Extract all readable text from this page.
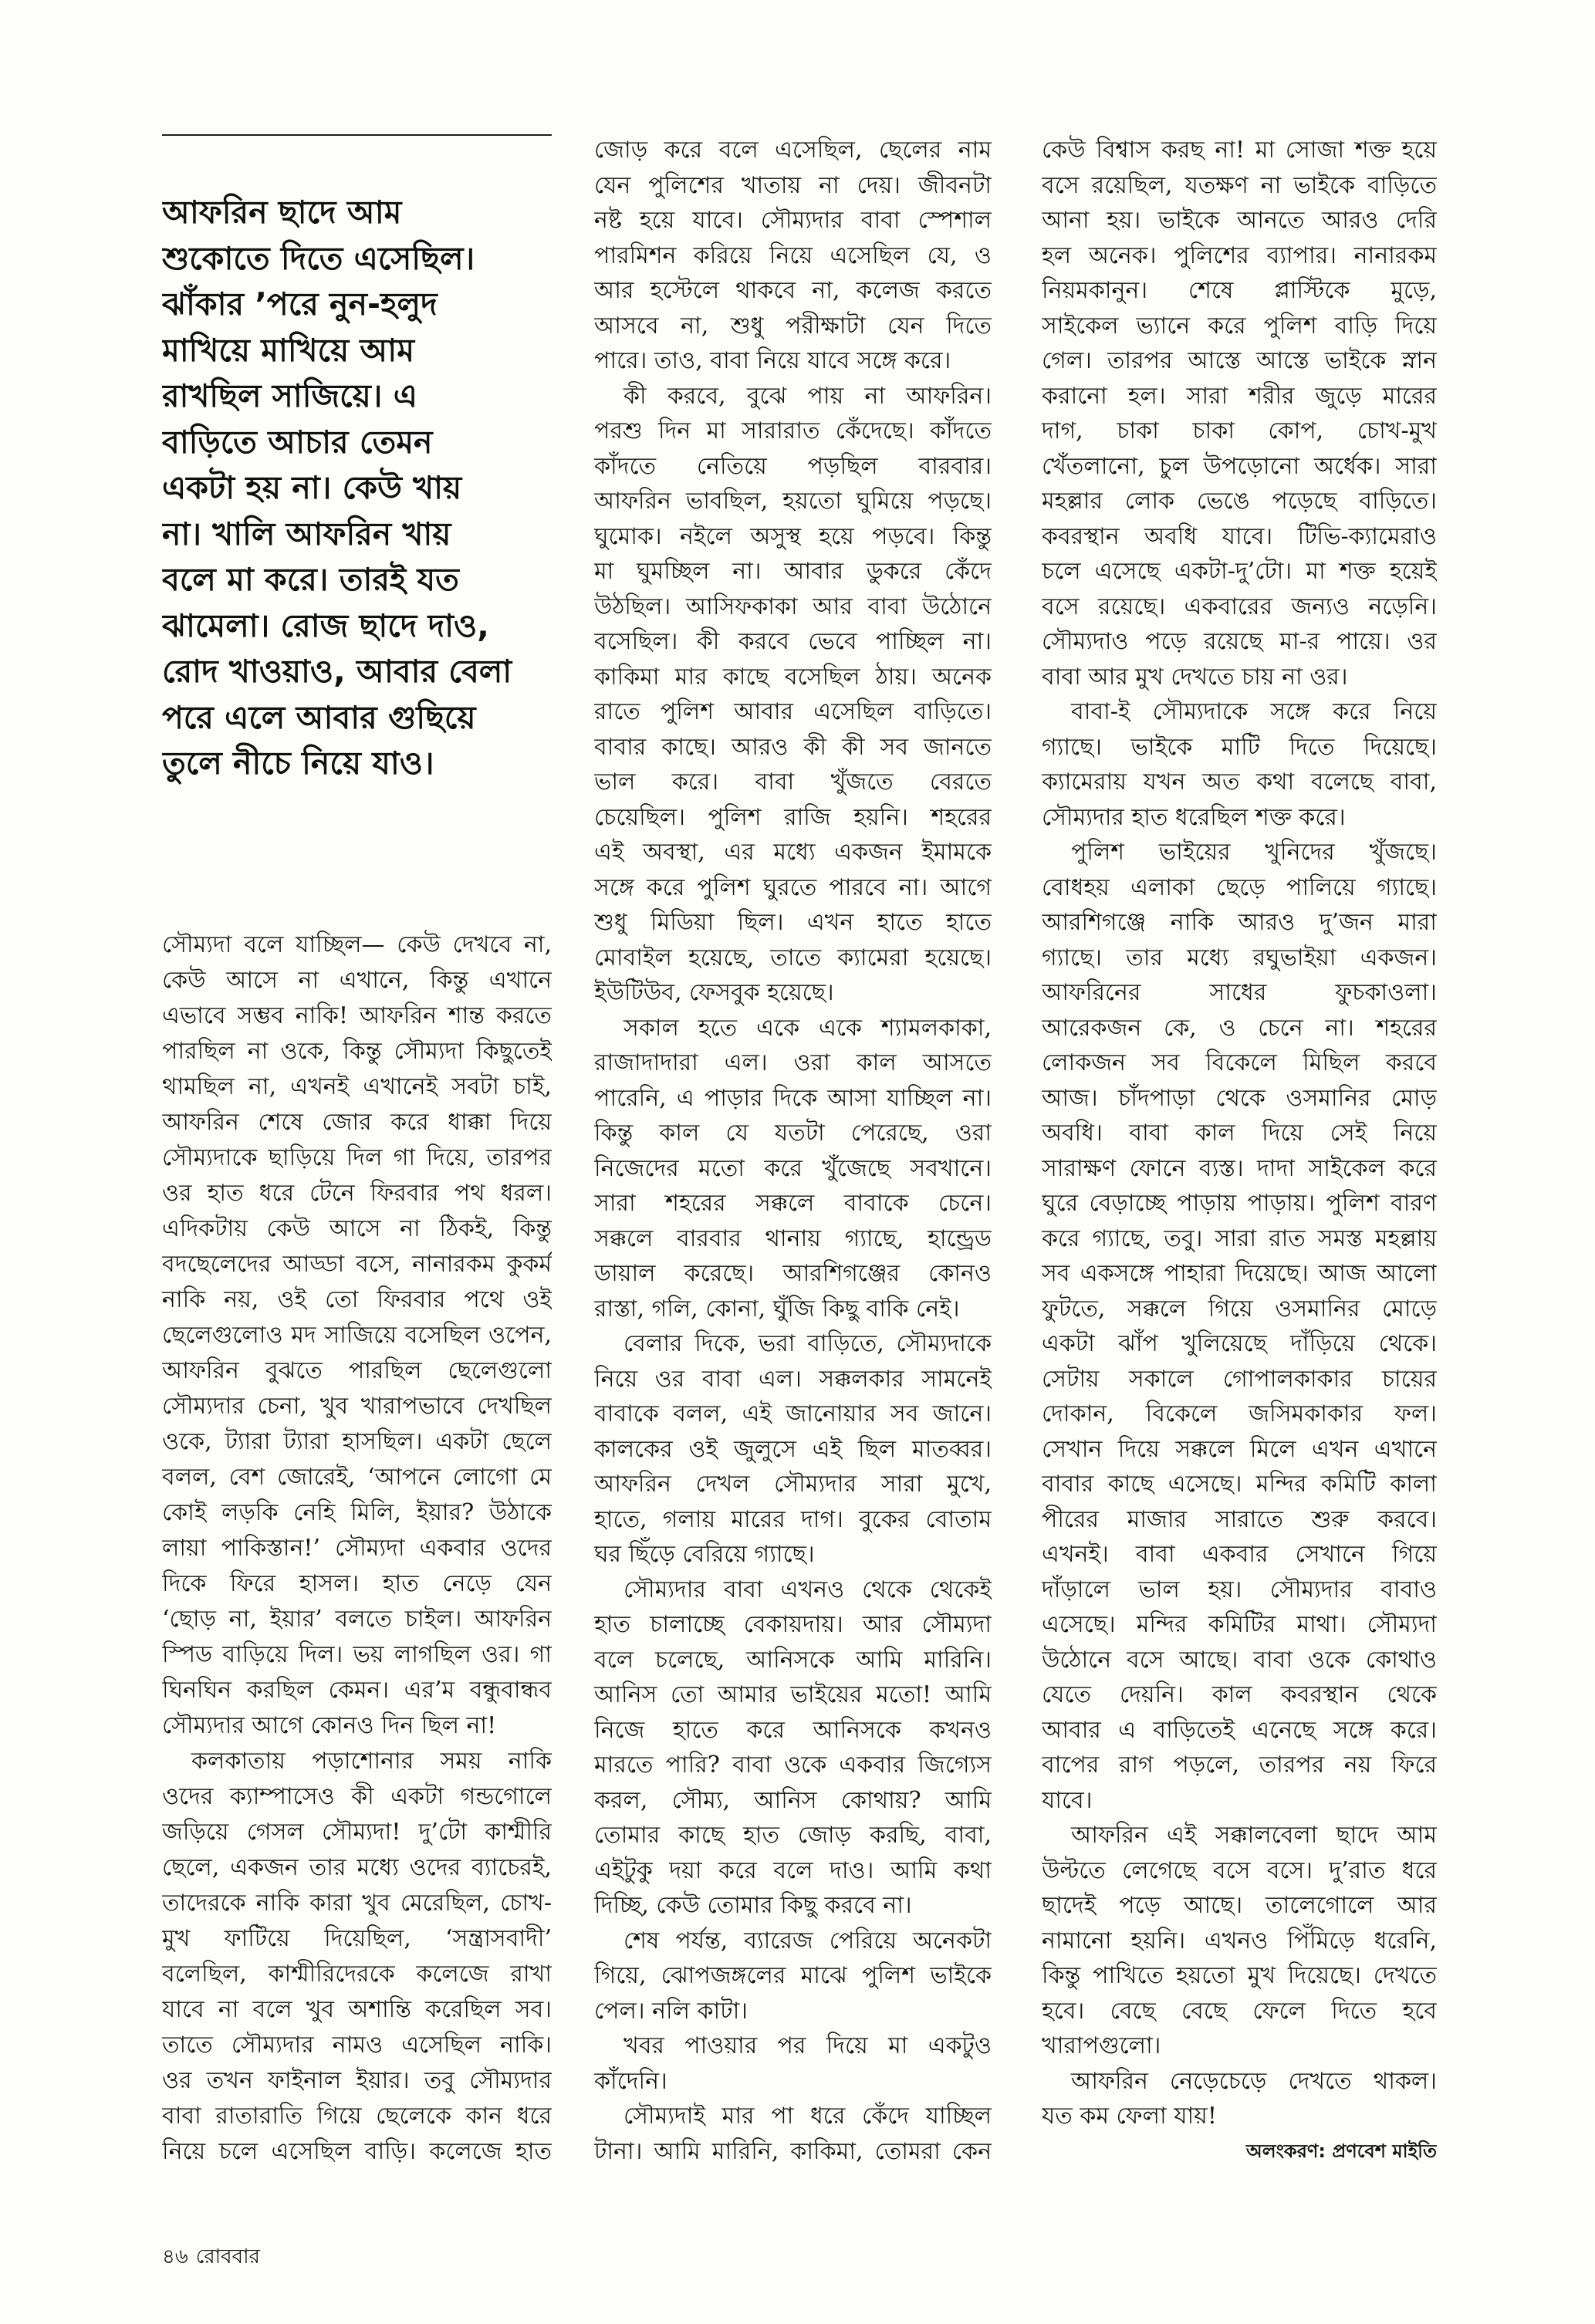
আফরিন ছাদে আম
শুকোতে দিতে এসেছিল।
ঝাঁকার ’পরে নুন-হলুদ
মাখিয়ে মাখিয়ে আম
রাখছিল সাজিয়ে। এ
বাড়িতে আচার তেমন
একটা হয় না। কেউ খায়
না। খালি আফরিন খায়
বলে মা করে। তারই যত
ঝামেলা। রোজ ছাদে দাও,
রোদ খাওয়াও, আবার বেলা
পরে এলে আবার গুছিয়ে
তুলে নীচে নিয়ে যাও।
সৌম্যদা বলে যাচ্ছিল— কেউ দেখবে না,
কেউ আসে না এখানে, কিন্তু এখানে
এভাবে সম্ভব নাকি! আফরিন শান্ত করতে
পারছিল না ওকে, কিন্তু সৌম্যদা কিছুতেই
থামছিল না, এখনই এখানেই সবটা চাই,
আফরিন শেষে জোর করে ধাক্কা দিয়ে
সৌম্যদাকে ছাড়িয়ে দিল গা দিয়ে, তারপর
ওর হাত ধরে টেনে ফিরবার পথ ধরল।
এদিকটায় কেউ আসে না ঠিকই, কিন্তু
বদছেলেদের আড্ডা বসে, নানারকম কুকর্ম
নাকি নয়, ওই তো ফিরবার পথে ওই
ছেলেগুলোও মদ সাজিয়ে বসেছিল ওপেন,
আফরিন বুঝতে পারছিল ছেলেগুলো
সৌম্যদার চেনা, খুব খারাপভাবে দেখছিল
ওকে, ট্যারা ট্যারা হাসছিল। একটা ছেলে
বলল, বেশ জোরেই, ‘আপনে লোগো মে
কোই লড়কি নেহি মিলি, ইয়ার? উঠাকে
লায়া পাকিস্তান!’ সৌম্যদা একবার ওদের
দিকে ফিরে হাসল। হাত নেড়ে যেন
‘ছোড় না, ইয়ার’ বলতে চাইল। আফরিন
স্পিড বাড়িয়ে দিল। ভয় লাগছিল ওর। গা
ঘিনঘিন করছিল কেমন। এর’ম বন্ধুবান্ধব
সৌম্যদার আগে কোনও দিন ছিল না!
কলকাতায় পড়াশোনার সময় নাকি
ওদের ক্যাম্পাসেও কী একটা গন্ডগোলে
জড়িয়ে গেসল সৌম্যদা! দু’টো কাশ্মীরি
ছেলে, একজন তার মধ্যে ওদের ব্যাচেরই,
তাদেরকে নাকি কারা খুব মেরেছিল, চোখ-
মুখ ফাটিয়ে দিয়েছিল, ‘সন্ত্রাসবাদী’
বলেছিল, কাশ্মীরিদেরকে কলেজে রাখা
যাবে না বলে খুব অশান্তি করেছিল সব।
তাতে সৌম্যদার নামও এসেছিল নাকি।
ওর তখন ফাইনাল ইয়ার। তবু সৌম্যদার
বাবা রাতারাতি গিয়ে ছেলেকে কান ধরে
নিয়ে চলে এসেছিল বাড়ি। কলেজে হাত
জোড় করে বলে এসেছিল, ছেলের নাম
যেন পুলিশের খাতায় না দেয়। জীবনটা
নষ্ট হয়ে যাবে। সৌম্যদার বাবা স্পেশাল
পারমিশন করিয়ে নিয়ে এসেছিল যে, ও
আর হস্টেলে থাকবে না, কলেজ করতে
আসবে না, শুধু পরীক্ষাটা যেন দিতে
পারে। তাও, বাবা নিয়ে যাবে সঙ্গে করে।
কী করবে, বুঝে পায় না আফরিন।
পরশু দিন মা সারারাত কেঁদেছে। কাঁদতে
কাঁদতে নেতিয়ে পড়ছিল বারবার।
আফরিন ভাবছিল, হয়তো ঘুমিয়ে পড়ছে।
ঘুমোক। নইলে অসুস্থ হয়ে পড়বে। কিন্তু
মা ঘুমচ্ছিল না। আবার ডুকরে কেঁদে
উঠছিল। আসিফকাকা আর বাবা উঠোনে
বসেছিল। কী করবে ভেবে পাচ্ছিল না।
কাকিমা মার কাছে বসেছিল ঠায়। অনেক
রাতে পুলিশ আবার এসেছিল বাড়িতে।
বাবার কাছে। আরও কী কী সব জানতে
ভাল করে। বাবা খুঁজতে বেরতে
চেয়েছিল। পুলিশ রাজি হয়নি। শহরের
এই অবস্থা, এর মধ্যে একজন ইমামকে
সঙ্গে করে পুলিশ ঘুরতে পারবে না। আগে
শুধু মিডিয়া ছিল। এখন হাতে হাতে
মোবাইল হয়েছে, তাতে ক্যামেরা হয়েছে।
ইউটিউব, ফেসবুক হয়েছে।
সকাল হতে একে একে শ্যামলকাকা,
রাজাদাদারা এল। ওরা কাল আসতে
পারেনি, এ পাড়ার দিকে আসা যাচ্ছিল না।
কিন্তু কাল যে যতটা পেরেছে, ওরা
নিজেদের মতো করে খুঁজেছে সবখানে।
সারা শহরের সক্কলে বাবাকে চেনে।
সক্কলে বারবার থানায় গ্যাছে, হান্ড্রেড
ডায়াল করেছে। আরশিগঞ্জের কোনও
রাস্তা, গলি, কোনা, ঘুঁজি কিছু বাকি নেই।
বেলার দিকে, ভরা বাড়িতে, সৌম্যদাকে
নিয়ে ওর বাবা এল। সক্কলকার সামনেই
বাবাকে বলল, এই জানোয়ার সব জানে।
কালকের ওই জুলুসে এই ছিল মাতব্বর।
আফরিন দেখল সৌম্যদার সারা মুখে,
হাতে, গলায় মারের দাগ। বুকের বোতাম
ঘর ছিঁড়ে বেরিয়ে গ্যাছে।
সৌম্যদার বাবা এখনও থেকে থেকেই
হাত চালাচ্ছে বেকায়দায়। আর সৌম্যদা
বলে চলেছে, আনিসকে আমি মারিনি।
আনিস তো আমার ভাইয়ের মতো! আমি
নিজে হাতে করে আনিসকে কখনও
মারতে পারি? বাবা ওকে একবার জিগ্যেস
করল, সৌম্য, আনিস কোথায়? আমি
তোমার কাছে হাত জোড় করছি, বাবা,
এইটুকু দয়া করে বলে দাও। আমি কথা
দিচ্ছি, কেউ তোমার কিছু করবে না।
শেষ পর্যন্ত, ব্যারেজ পেরিয়ে অনেকটা
গিয়ে, ঝোপজঙ্গলের মাঝে পুলিশ ভাইকে
পেল। নলি কাটা।
খবর পাওয়ার পর দিয়ে মা একটুও
কাঁদেনি।
সৌম্যদাই মার পা ধরে কেঁদে যাচ্ছিল
টানা। আমি মারিনি, কাকিমা, তোমরা কেন
কেউ বিশ্বাস করছ না! মা সোজা শক্ত হয়ে
বসে রয়েছিল, যতক্ষণ না ভাইকে বাড়িতে
আনা হয়। ভাইকে আনতে আরও দেরি
হল অনেক। পুলিশের ব্যাপার। নানারকম
নিয়মকানুন। শেষে প্লাস্টিকে মুড়ে,
সাইকেল ভ্যানে করে পুলিশ বাড়ি দিয়ে
গেল। তারপর আস্তে আস্তে ভাইকে স্নান
করানো হল। সারা শরীর জুড়ে মারের
দাগ, চাকা চাকা কোপ, চোখ-মুখ
খেঁতলানো, চুল উপড়োনো অর্ধেক। সারা
মহল্লার লোক ভেঙে পড়েছে বাড়িতে।
কবরস্থান অবধি যাবে। টিভি-ক্যামেরাও
চলে এসেছে একটা-দু’টো। মা শক্ত হয়েই
বসে রয়েছে। একবারের জন্যও নড়েনি।
সৌম্যদাও পড়ে রয়েছে মা-র পায়ে। ওর
বাবা আর মুখ দেখতে চায় না ওর।
বাবা-ই সৌম্যদাকে সঙ্গে করে নিয়ে
গ্যাছে। ভাইকে মাটি দিতে দিয়েছে।
ক্যামেরায় যখন অত কথা বলেছে বাবা,
সৌম্যদার হাত ধরেছিল শক্ত করে।
পুলিশ ভাইয়ের খুনিদের খুঁজছে।
বোধহয় এলাকা ছেড়ে পালিয়ে গ্যাছে।
আরশিগঞ্জে নাকি আরও দু’জন মারা
গ্যাছে। তার মধ্যে রঘুভাইয়া একজন।
আফরিনের সাধের ফুচকাওলা।
আরেকজন কে, ও চেনে না। শহরের
লোকজন সব বিকেলে মিছিল করবে
আজ। চাঁদপাড়া থেকে ওসমানির মোড়
অবধি। বাবা কাল দিয়ে সেই নিয়ে
সারাক্ষণ ফোনে ব্যস্ত। দাদা সাইকেল করে
ঘুরে বেড়াচ্ছে পাড়ায় পাড়ায়। পুলিশ বারণ
করে গ্যাছে, তবু। সারা রাত সমস্ত মহল্লায়
সব একসঙ্গে পাহারা দিয়েছে। আজ আলো
ফুটতে, সক্কলে গিয়ে ওসমানির মোড়ে
একটা ঝাঁপ খুলিয়েছে দাঁড়িয়ে থেকে।
সেটায় সকালে গোপালকাকার চায়ের
দোকান, বিকেলে জসিমকাকার ফল।
সেখান দিয়ে সক্কলে মিলে এখন এখানে
বাবার কাছে এসেছে। মন্দির কমিটি কালা
পীরের মাজার সারাতে শুরু করবে।
এখনই। বাবা একবার সেখানে গিয়ে
দাঁড়ালে ভাল হয়। সৌম্যদার বাবাও
এসেছে। মন্দির কমিটির মাথা। সৌম্যদা
উঠোনে বসে আছে। বাবা ওকে কোথাও
যেতে দেয়নি। কাল কবরস্থান থেকে
আবার এ বাড়িতেই এনেছে সঙ্গে করে।
বাপের রাগ পড়লে, তারপর নয় ফিরে
যাবে।
আফরিন এই সক্কালবেলা ছাদে আম
উল্টতে লেগেছে বসে বসে। দু’রাত ধরে
ছাদেই পড়ে আছে। তালেগোলে আর
নামানো হয়নি। এখনও পিঁমিড়ে ধরেনি,
কিন্তু পাখিতে হয়তো মুখ দিয়েছে। দেখতে
হবে। বেছে বেছে ফেলে দিতে হবে
খারাপগুলো।
আফরিন নেড়েচেড়ে দেখতে থাকল।
যত কম ফেলা যায়!
অলংকরণ: প্রণবেশ মাইতি
৪৬ রোববার
